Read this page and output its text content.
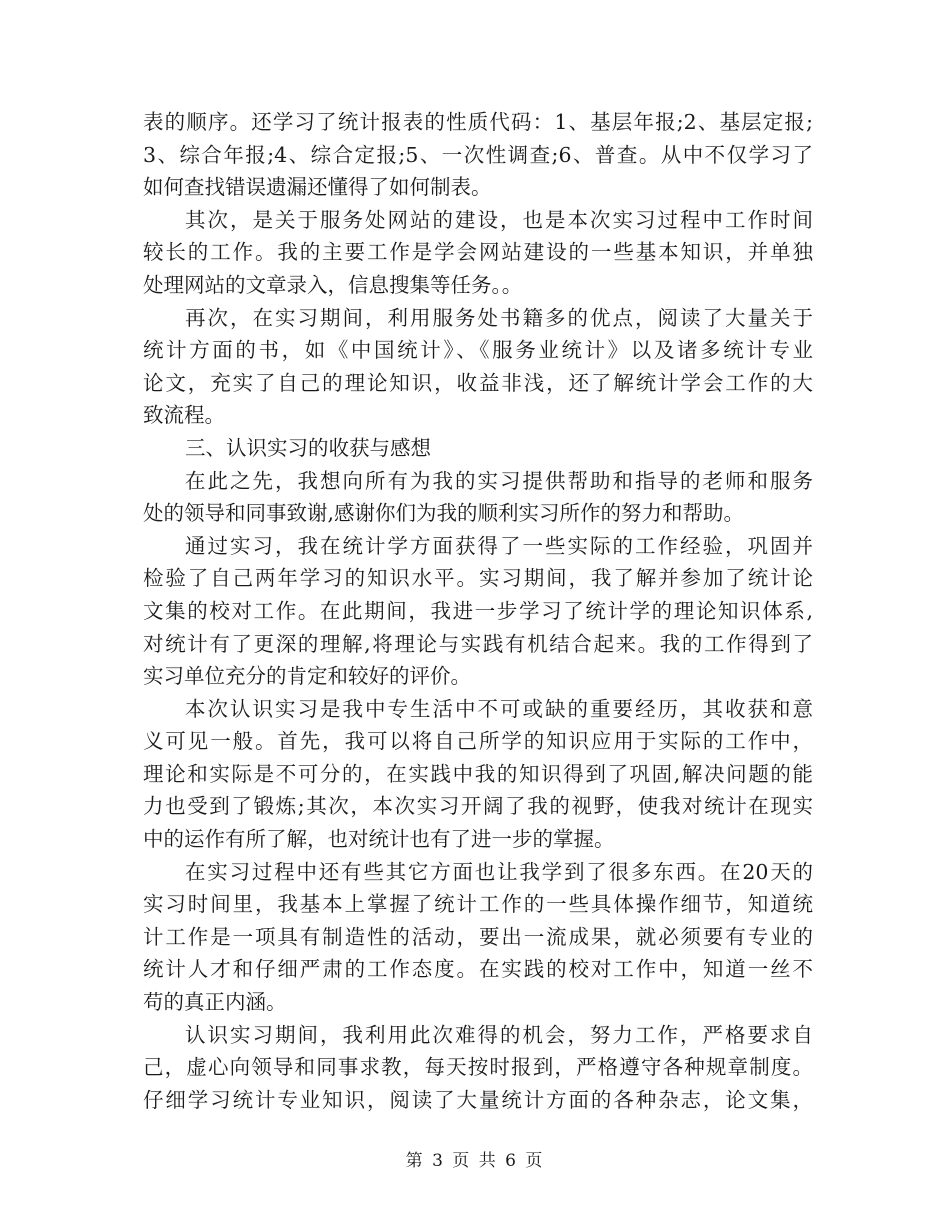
表的顺序。还学习了统计报表的性质代码：1、基层年报;2、基层定报;
3、综合年报;4、综合定报;5、一次性调查;6、普查。从中不仅学习了
如何查找错误遗漏还懂得了如何制表。
其次，是关于服务处网站的建设，也是本次实习过程中工作时间
较长的工作。我的主要工作是学会网站建设的一些基本知识，并单独
处理网站的文章录入，信息搜集等任务。。
再次，在实习期间，利用服务处书籍多的优点，阅读了大量关于
统计方面的书，如《中国统计》、《服务业统计》以及诸多统计专业
论文，充实了自己的理论知识，收益非浅，还了解统计学会工作的大
致流程。
三、认识实习的收获与感想
在此之先，我想向所有为我的实习提供帮助和指导的老师和服务
处的领导和同事致谢,感谢你们为我的顺利实习所作的努力和帮助。
通过实习，我在统计学方面获得了一些实际的工作经验，巩固并
检验了自己两年学习的知识水平。实习期间，我了解并参加了统计论
文集的校对工作。在此期间，我进一步学习了统计学的理论知识体系,
对统计有了更深的理解,将理论与实践有机结合起来。我的工作得到了
实习单位充分的肯定和较好的评价。
本次认识实习是我中专生活中不可或缺的重要经历，其收获和意
义可见一般。首先，我可以将自己所学的知识应用于实际的工作中，
理论和实际是不可分的，在实践中我的知识得到了巩固,解决问题的能
力也受到了锻炼;其次，本次实习开阔了我的视野，使我对统计在现实
中的运作有所了解，也对统计也有了进一步的掌握。
在实习过程中还有些其它方面也让我学到了很多东西。在20天的
实习时间里，我基本上掌握了统计工作的一些具体操作细节，知道统
计工作是一项具有制造性的活动，要出一流成果，就必须要有专业的
统计人才和仔细严肃的工作态度。在实践的校对工作中，知道一丝不
苟的真正内涵。
认识实习期间，我利用此次难得的机会，努力工作，严格要求自
己，虚心向领导和同事求教，每天按时报到，严格遵守各种规章制度。
仔细学习统计专业知识，阅读了大量统计方面的各种杂志，论文集，
第 3 页 共 6 页
